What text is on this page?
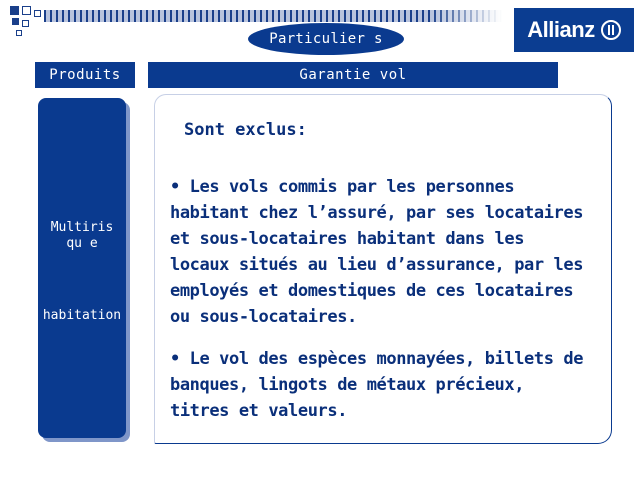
Particulier s	Allianz
Produits	Garantie vol
Multirisqu e
habitation
Sont exclus:
• Les vols commis par les personnes habitant chez l’assuré, par ses locataires et sous-locataires habitant dans les locaux situés au lieu d’assurance, par les employés et domestiques de ces locataires ou sous-locataires.
• Le vol des espèces monnayées, billets de banques, lingots de métaux précieux, titres et valeurs.
